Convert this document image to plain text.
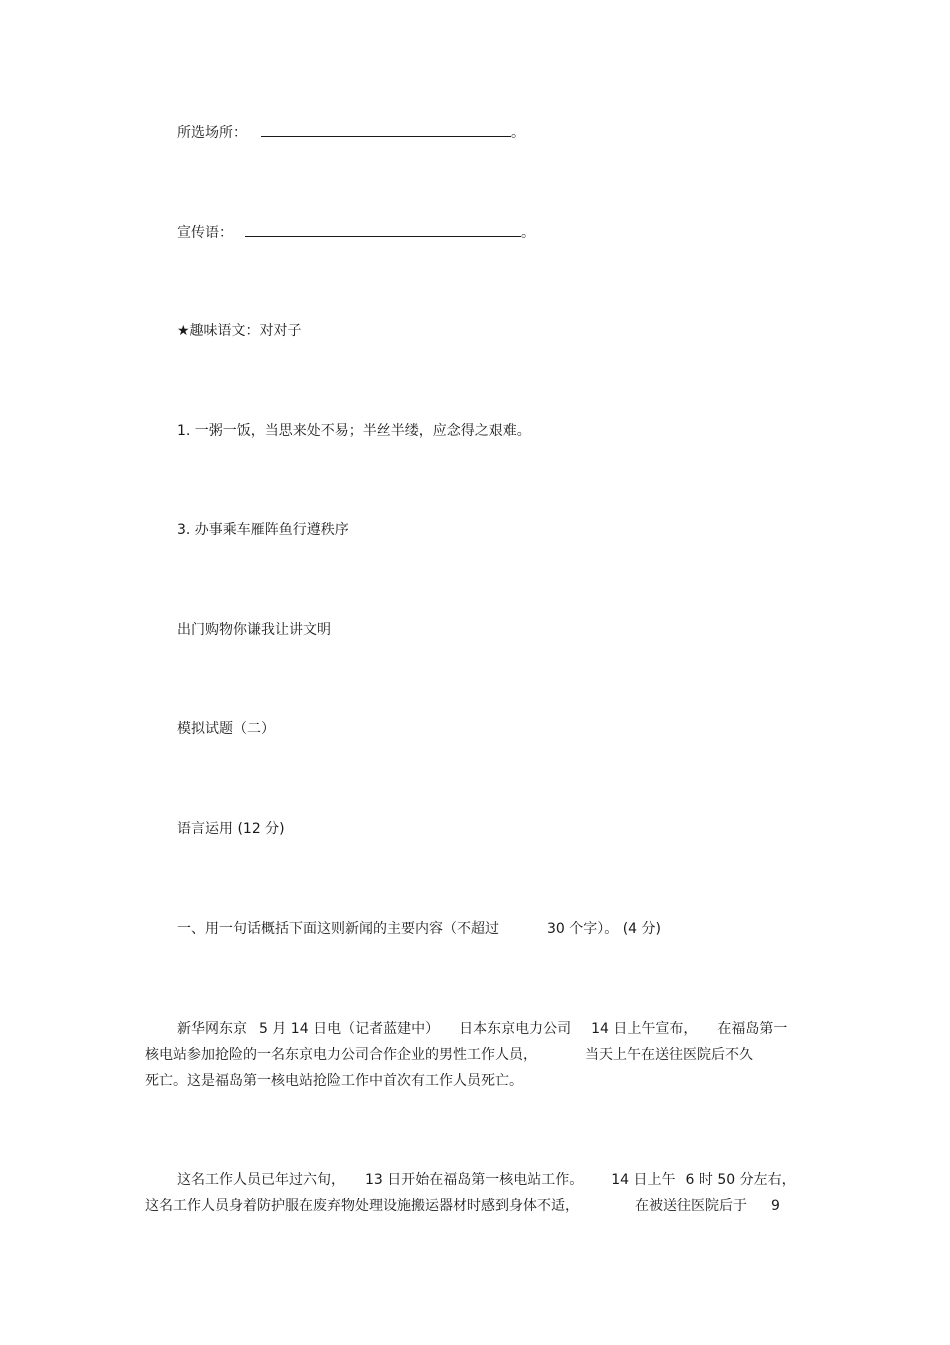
所选场所：	。
宣传语：	。
★趣味语文：对对子
1. 一粥一饭，当思来处不易；半丝半缕，应念得之艰难。
3. 办事乘车雁阵鱼行遵秩序
出门购物你谦我让讲文明
模拟试题（二）
语言运用 (12 分)
一、用一句话概括下面这则新闻的主要内容（不超过	30 个字）。 (4 分)
新华网东京 5 月 14 日电（记者蓝建中） 日本东京电力公司 14 日上午宣布， 在福岛第一
核电站参加抢险的一名东京电力公司合作企业的男性工作人员，	当天上午在送往医院后不久
死亡。这是福岛第一核电站抢险工作中首次有工作人员死亡。
这名工作人员已年过六旬， 13 日开始在福岛第一核电站工作。 14 日上午 6 时 50 分左右，
这名工作人员身着防护服在废弃物处理设施搬运器材时感到身体不适，	在被送往医院后于 9
